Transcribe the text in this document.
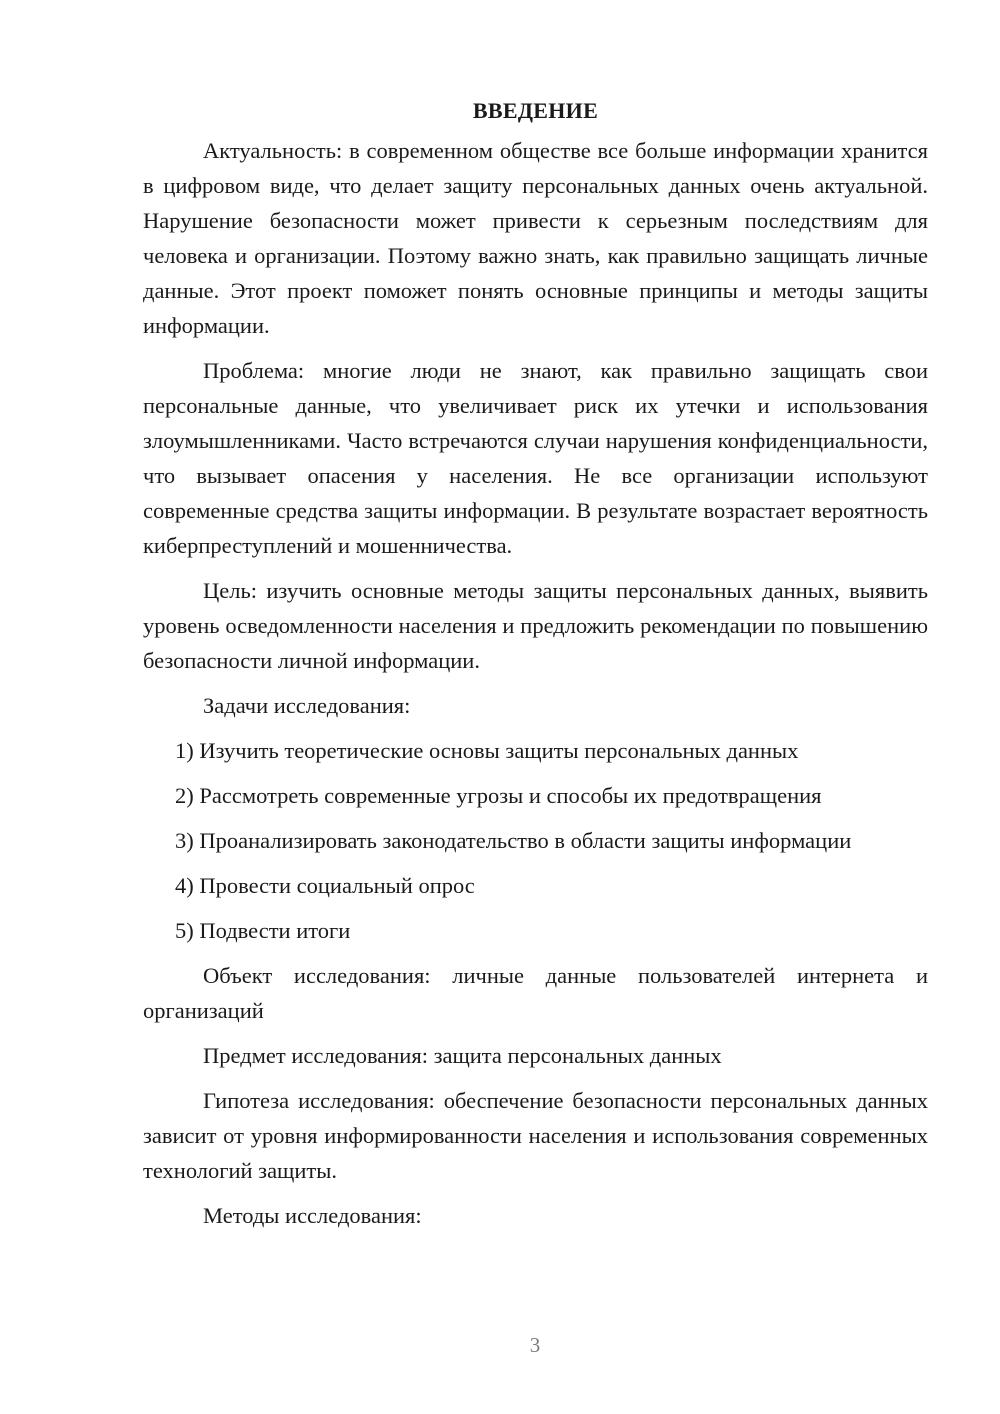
ВВЕДЕНИЕ

Актуальность: в современном обществе все больше информации хранится в цифровом виде, что делает защиту персональных данных очень актуальной. Нарушение безопасности может привести к серьезным последствиям для человека и организации. Поэтому важно знать, как правильно защищать личные данные. Этот проект поможет понять основные принципы и методы защиты информации.

Проблема: многие люди не знают, как правильно защищать свои персональные данные, что увеличивает риск их утечки и использования злоумышленниками. Часто встречаются случаи нарушения конфиденциальности, что вызывает опасения у населения. Не все организации используют современные средства защиты информации. В результате возрастает вероятность киберпреступлений и мошенничества.

Цель: изучить основные методы защиты персональных данных, выявить уровень осведомленности населения и предложить рекомендации по повышению безопасности личной информации.

Задачи исследования:

1) Изучить теоретические основы защиты персональных данных

2) Рассмотреть современные угрозы и способы их предотвращения

3) Проанализировать законодательство в области защиты информации

4) Провести социальный опрос

5) Подвести итоги

Объект исследования: личные данные пользователей интернета и организаций

Предмет исследования: защита персональных данных

Гипотеза исследования: обеспечение безопасности персональных данных зависит от уровня информированности населения и использования современных технологий защиты.

Методы исследования:

3
